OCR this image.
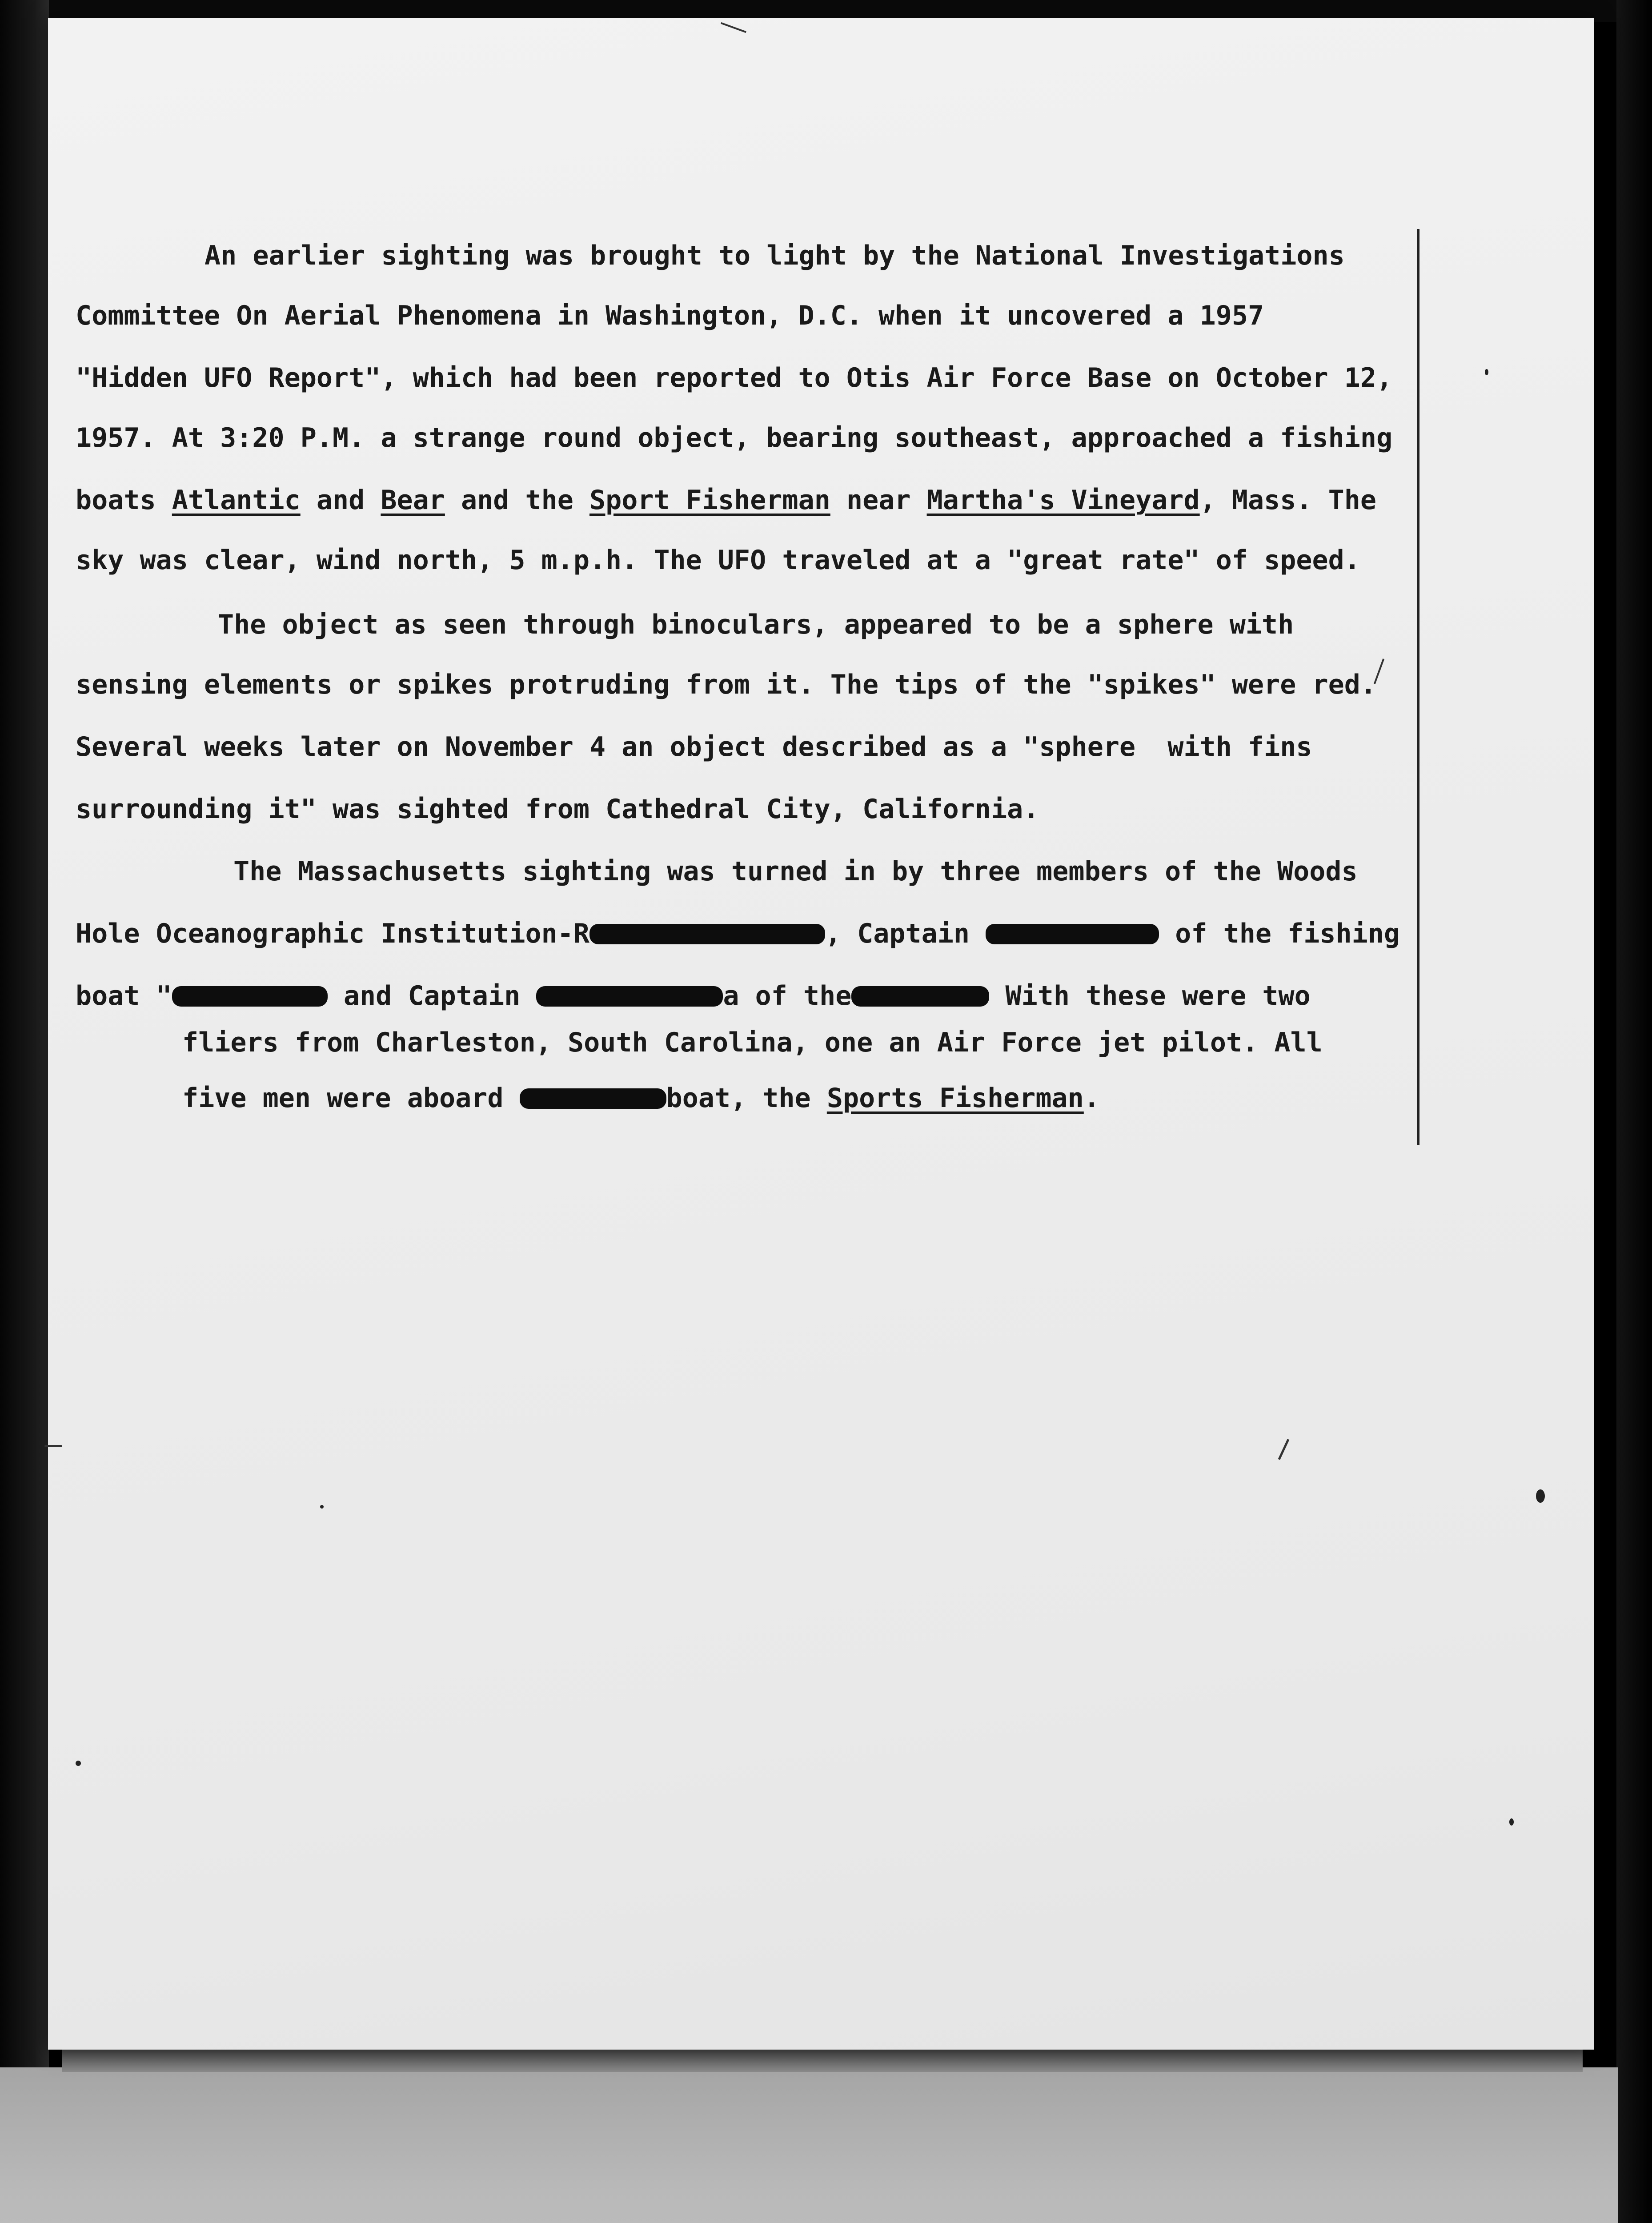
An earlier sighting was brought to light by the National Investigations
Committee On Aerial Phenomena in Washington, D.C. when it uncovered a 1957
"Hidden UFO Report", which had been reported to Otis Air Force Base on October 12,
1957. At 3:20 P.M. a strange round object, bearing southeast, approached a fishing
boats Atlantic and Bear and the Sport Fisherman near Martha's Vineyard, Mass. The
sky was clear, wind north, 5 m.p.h. The UFO traveled at a "great rate" of speed.
The object as seen through binoculars, appeared to be a sphere with
sensing elements or spikes protruding from it. The tips of the "spikes" were red.
Several weeks later on November 4 an object described as a "sphere  with fins
surrounding it" was sighted from Cathedral City, California.
The Massachusetts sighting was turned in by three members of the Woods
Hole Oceanographic Institution-R	, Captain	of the fishing
boat "	and Captain	a of the	With these were two
fliers from Charleston, South Carolina, one an Air Force jet pilot. All
five men were aboard	boat, the Sports Fisherman.
